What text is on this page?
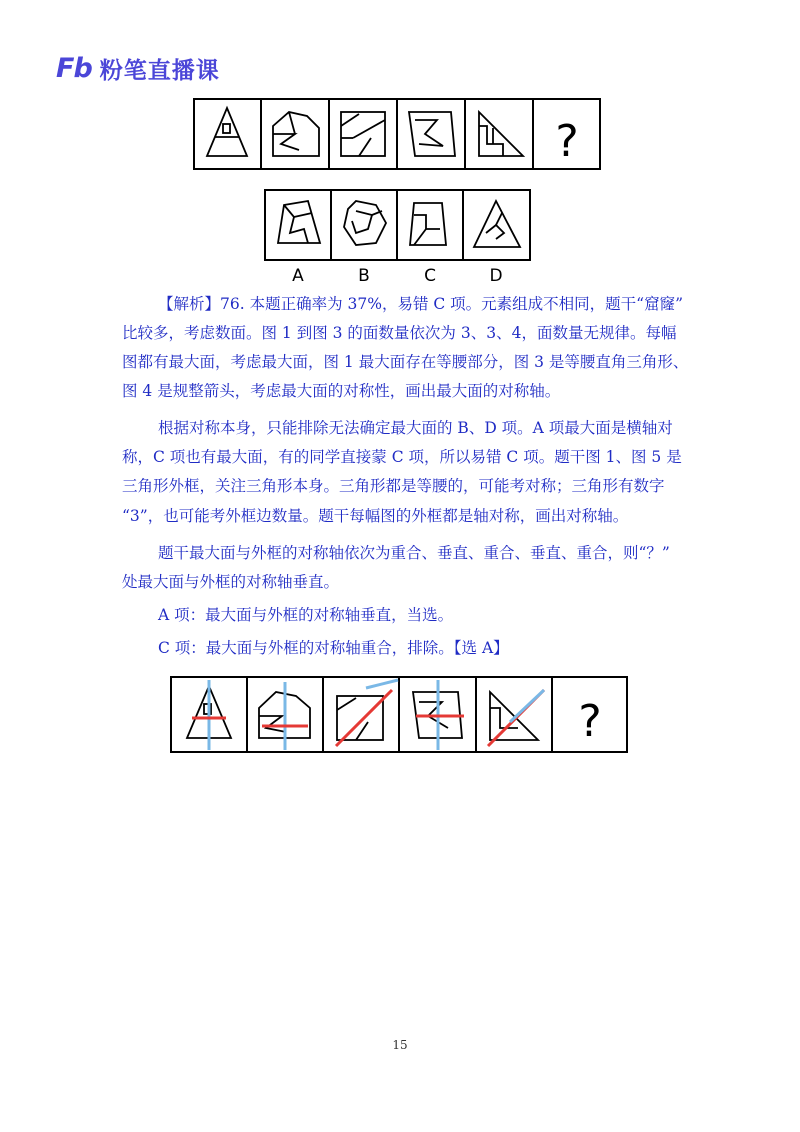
Fb 粉笔直播课
?
A	B	C	D
【解析】76. 本题正确率为 37%，易错 C 项。元素组成不相同，题干“窟窿”
比较多，考虑数面。图 1 到图 3 的面数量依次为 3、3、4，面数量无规律。每幅
图都有最大面，考虑最大面，图 1 最大面存在等腰部分，图 3 是等腰直角三角形、
图 4 是规整箭头，考虑最大面的对称性，画出最大面的对称轴。
根据对称本身，只能排除无法确定最大面的 B、D 项。A 项最大面是横轴对
称，C 项也有最大面，有的同学直接蒙 C 项，所以易错 C 项。题干图 1、图 5 是
三角形外框，关注三角形本身。三角形都是等腰的，可能考对称；三角形有数字
“3”，也可能考外框边数量。题干每幅图的外框都是轴对称，画出对称轴。
题干最大面与外框的对称轴依次为重合、垂直、重合、垂直、重合，则“？”
处最大面与外框的对称轴垂直。
A 项：最大面与外框的对称轴垂直，当选。
C 项：最大面与外框的对称轴重合，排除。【选 A】
?
15
